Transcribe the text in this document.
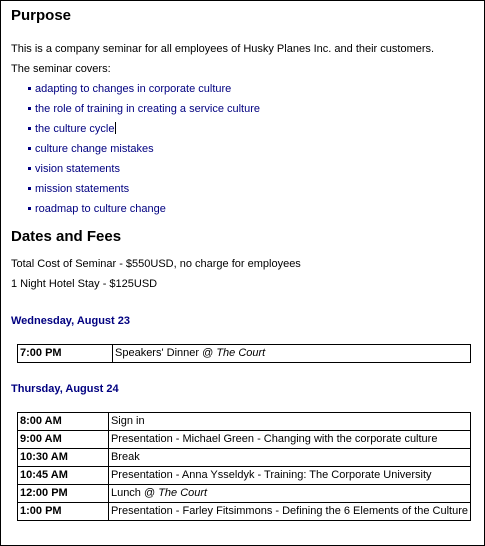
Purpose

This is a company seminar for all employees of Husky Planes Inc. and their customers.

The seminar covers:

adapting to changes in corporate culture
the role of training in creating a service culture
the culture cycle
culture change mistakes
vision statements
mission statements
roadmap to culture change
Dates and Fees

Total Cost of Seminar - $550USD, no charge for employees

1 Night Hotel Stay - $125USD

Wednesday, August 23
7:00 PM	Speakers' Dinner @ The Court
Thursday, August 24
8:00 AM	Sign in
9:00 AM	Presentation - Michael Green - Changing with the corporate culture
10:30 AM	Break
10:45 AM	Presentation - Anna Ysseldyk - Training: The Corporate University
12:00 PM	Lunch @ The Court
1:00 PM	Presentation - Farley Fitsimmons - Defining the 6 Elements of the Culture
